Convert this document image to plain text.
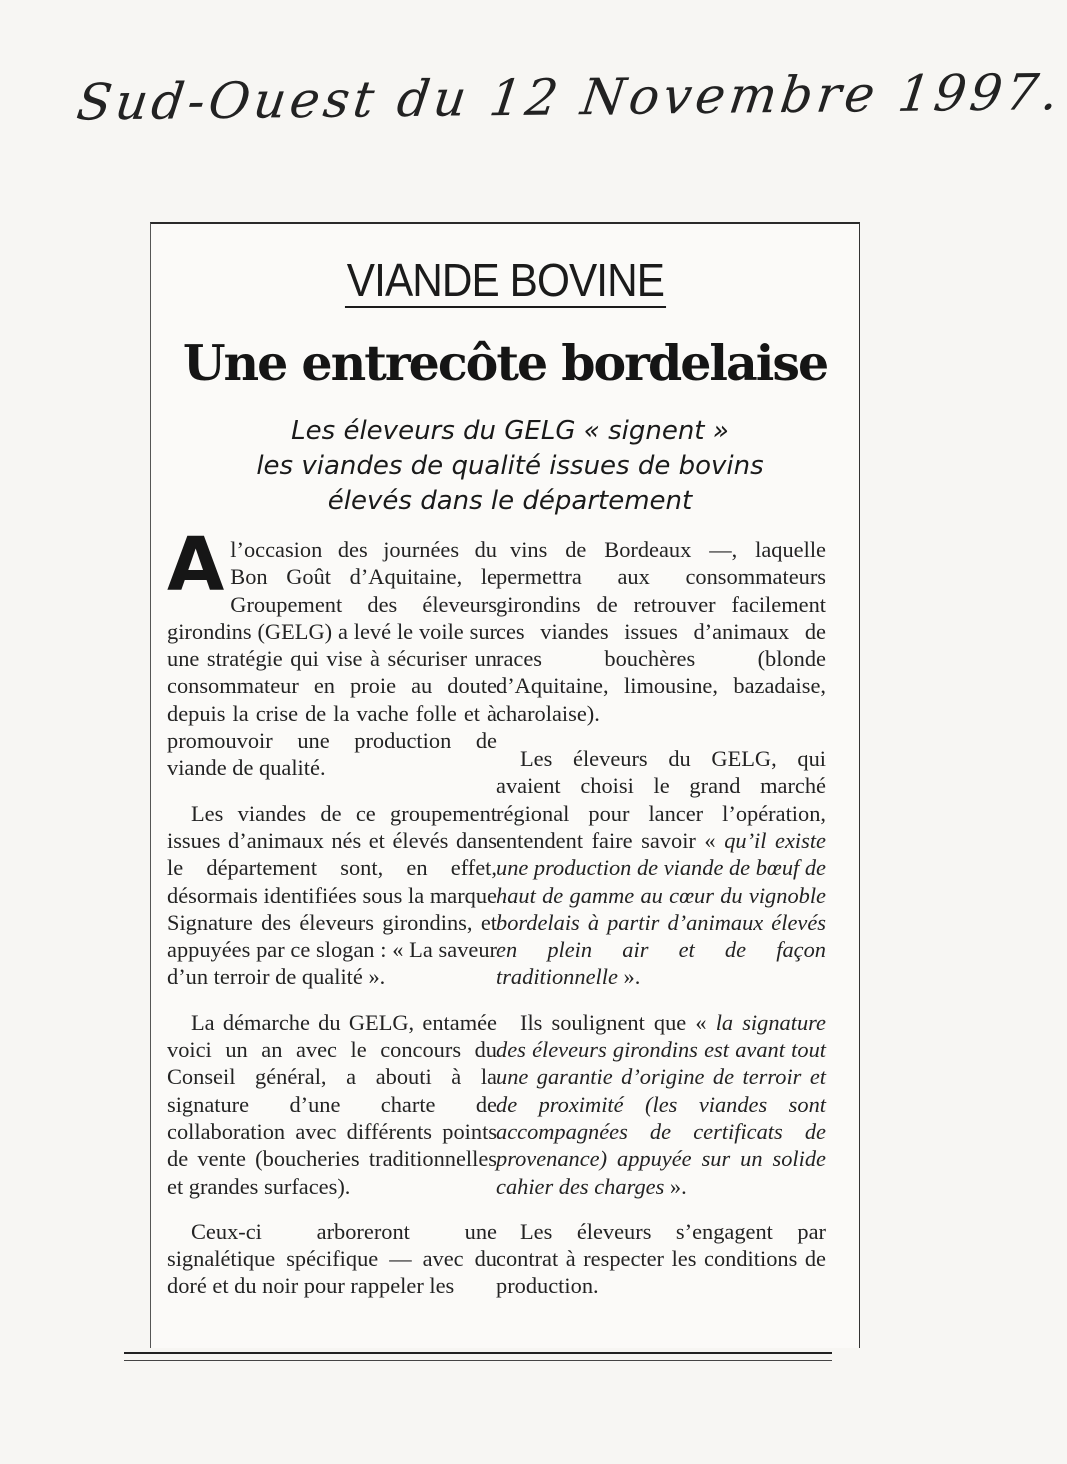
Sud-Ouest du 12 Novembre 1997.
VIANDE BOVINE
Une entrecôte bordelaise
Les éleveurs du GELG « signent »
les viandes de qualité issues de bovins
élevés dans le département

Al’occasion des journées du Bon Goût d’Aquitaine, le Groupement des éleveurs girondins (GELG) a levé le voile sur une stratégie qui vise à sécuriser un consommateur en proie au doute depuis la crise de la vache folle et à promouvoir une production de viande de qualité.

Les viandes de ce groupement issues d’animaux nés et élevés dans le département sont, en effet, désormais identifiées sous la marque Signature des éleveurs girondins, et appuyées par ce slogan : « La saveur d’un terroir de qualité ».

La démarche du GELG, entamée voici un an avec le concours du Conseil général, a abouti à la signature d’une charte de collaboration avec différents points de vente (boucheries traditionnelles et grandes surfaces).

Ceux-ci arboreront une signalétique spécifique — avec du doré et du noir pour rappeler les

vins de Bordeaux —, laquelle permettra aux consommateurs girondins de retrouver facilement ces viandes issues d’animaux de races bouchères (blonde d’Aquitaine, limousine, bazadaise, charolaise).

Les éleveurs du GELG, qui avaient choisi le grand marché régional pour lancer l’opération, entendent faire savoir « qu’il existe une production de viande de bœuf de haut de gamme au cœur du vignoble bordelais à partir d’animaux élevés en plein air et de façon traditionnelle ».

Ils soulignent que « la signature des éleveurs girondins est avant tout une garantie d’origine de terroir et de proximité (les viandes sont accompagnées de certificats de provenance) appuyée sur un solide cahier des charges ».

Les éleveurs s’engagent par contrat à respecter les conditions de production.
